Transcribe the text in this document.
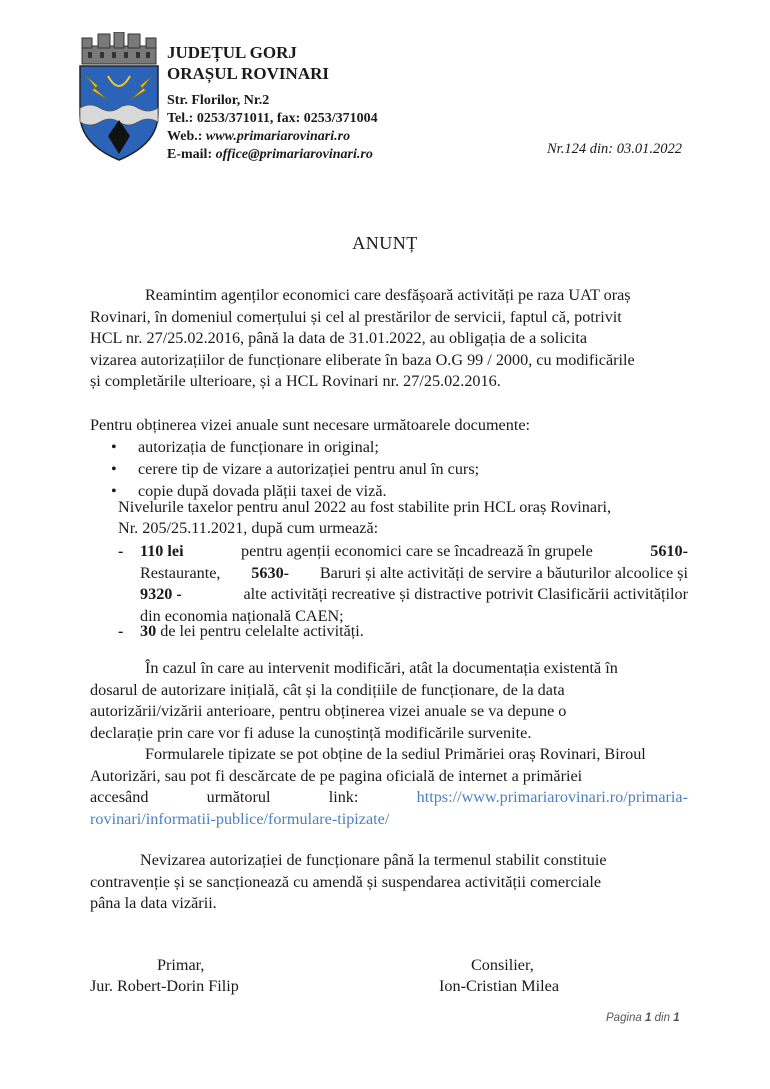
JUDEȚUL GORJ
ORAȘUL ROVINARI
Str. Florilor, Nr.2
Tel.: 0253/371011, fax: 0253/371004
Web.: www.primariarovinari.ro
E-mail: office@primariarovinari.ro	Nr.124 din: 03.01.2022
ANUNȚ
Reamintim agenților economici care desfășoară activități pe raza UAT oraș
Rovinari, în domeniul comerțului și cel al prestărilor de servicii, faptul că, potrivit
HCL nr. 27/25.02.2016, până la data de 31.01.2022, au obligația de a solicita
vizarea autorizațiilor de funcționare eliberate în baza O.G 99 / 2000, cu modificările
și completările ulterioare, și a HCL Rovinari nr. 27/25.02.2016.
Pentru obținerea vizei anuale sunt necesare următoarele documente:
• autorizația de funcționare in original;
• cerere tip de vizare a autorizației pentru anul în curs;
• copie după dovada plății taxei de viză.
Nivelurile taxelor pentru anul 2022 au fost stabilite prin HCL oraș Rovinari,
Nr. 205/25.11.2021, după cum urmează:
- 110 lei	pentru agenții economici care se încadrează în grupele	5610-
Restaurante, 5630- Baruri și alte activități de servire a băuturilor alcoolice și
9320 -	alte activități recreative și distractive potrivit Clasificării activităților
din economia națională CAEN;
- 30 de lei pentru celelalte activități.
În cazul în care au intervenit modificări, atât la documentația existentă în
dosarul de autorizare inițială, cât și la condițiile de funcționare, de la data
autorizării/vizării anterioare, pentru obținerea vizei anuale se va depune o
declarație prin care vor fi aduse la cunoștință modificările survenite.
Formularele tipizate se pot obține de la sediul Primăriei oraș Rovinari, Biroul
Autorizări, sau pot fi descărcate de pe pagina oficială de internet a primăriei
accesând	următorul	link:	https://www.primariarovinari.ro/primaria-
rovinari/informatii-publice/formulare-tipizate/
Nevizarea autorizației de funcționare până la termenul stabilit constituie
contravenție și se sancționează cu amendă și suspendarea activității comerciale
pâna la data vizării.
Primar,
Jur. Robert-Dorin Filip
Consilier,
Ion-Cristian Milea
Pagina 1 din 1
